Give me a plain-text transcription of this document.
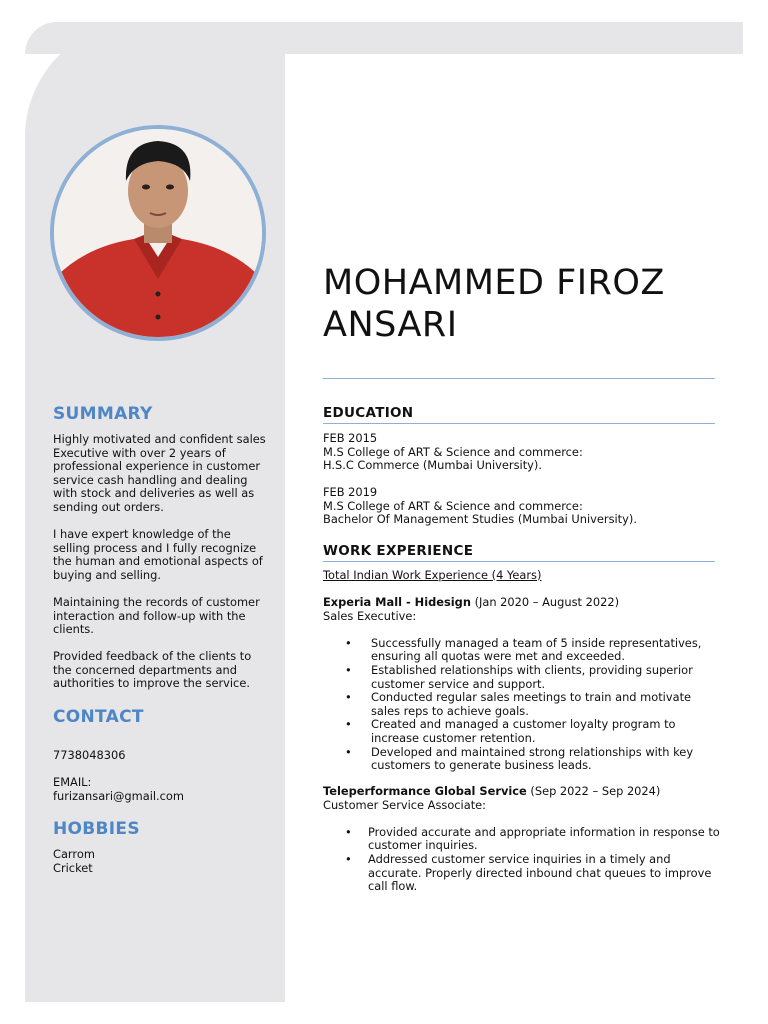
SUMMARY

Highly motivated and confident sales Executive with over 2 years of professional experience in customer service cash handling and dealing with stock and deliveries as well as sending out orders.

I have expert knowledge of the selling process and I fully recognize the human and emotional aspects of buying and selling.

Maintaining the records of customer interaction and follow-up with the clients.

Provided feedback of the clients to the concerned departments and authorities to improve the service.

CONTACT

7738048306

EMAIL:
furizansari@gmail.com
HOBBIES
Carrom
Cricket
MOHAMMED FIROZ
ANSARI
EDUCATION

FEB 2015

M.S College of ART & Science and commerce:

H.S.C Commerce (Mumbai University).

FEB 2019

M.S College of ART & Science and commerce:

Bachelor Of Management Studies (Mumbai University).

WORK EXPERIENCE

Total Indian Work Experience (4 Years)

Experia Mall - Hidesign (Jan 2020 – August 2022)

Sales Executive:

• Successfully managed a team of 5 inside representatives, ensuring all quotas were met and exceeded.
• Established relationships with clients, providing superior customer service and support.
• Conducted regular sales meetings to train and motivate sales reps to achieve goals.
• Created and managed a customer loyalty program to increase customer retention.
• Developed and maintained strong relationships with key customers to generate business leads.

Teleperformance Global Service (Sep 2022 – Sep 2024)

Customer Service Associate:

• Provided accurate and appropriate information in response to customer inquiries.
• Addressed customer service inquiries in a timely and accurate. Properly directed inbound chat queues to improve call flow.
